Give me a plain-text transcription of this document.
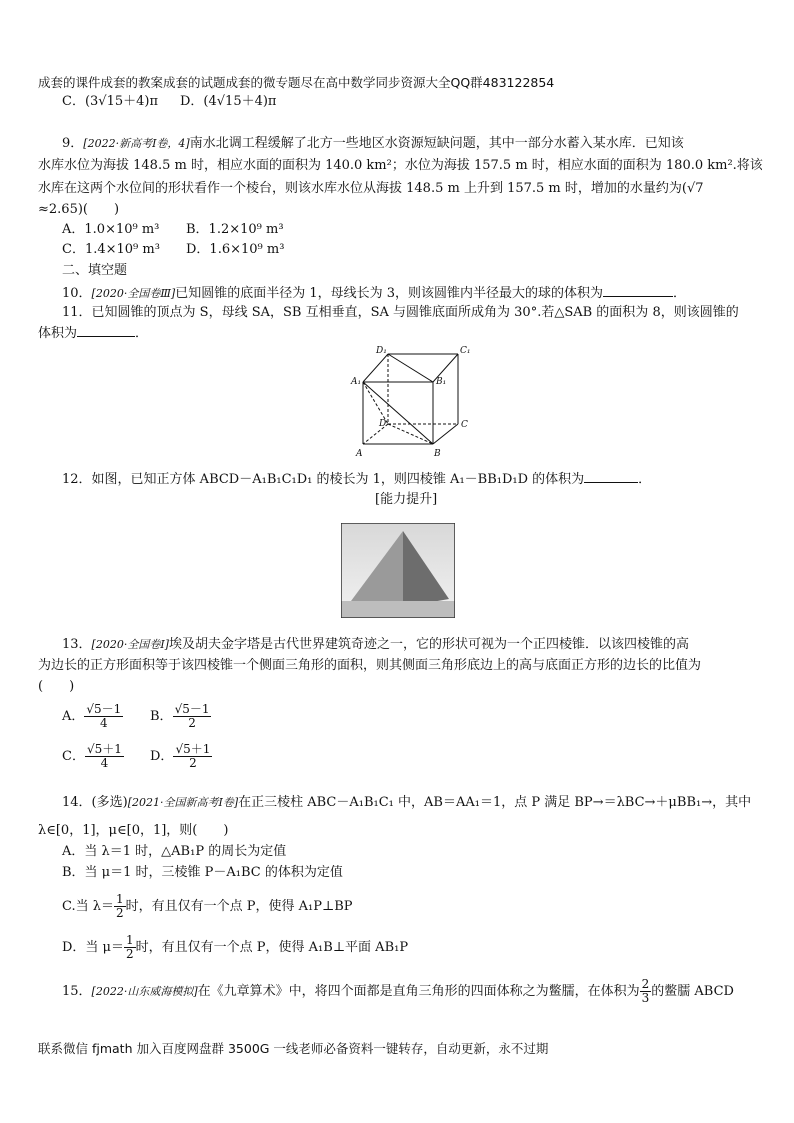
成套的课件成套的教案成套的试题成套的微专题尽在高中数学同步资源大全QQ群483122854
C．(3√15＋4)π D．(4√15＋4)π
9．[2022·新高考Ⅰ卷，4]南水北调工程缓解了北方一些地区水资源短缺问题，其中一部分水蓄入某水库．已知该
水库水位为海拔 148.5 m 时，相应水面的面积为 140.0 km²；水位为海拔 157.5 m 时，相应水面的面积为 180.0 km².将该
水库在这两个水位间的形状看作一个棱台，则该水库水位从海拔 148.5 m 上升到 157.5 m 时，增加的水量约为(√7
≈2.65)(　　)
A．1.0×10⁹ m³ B．1.2×10⁹ m³
C．1.4×10⁹ m³ D．1.6×10⁹ m³
二、填空题
10．[2020·全国卷Ⅲ]已知圆锥的底面半径为 1，母线长为 3，则该圆锥内半径最大的球的体积为	．
11．已知圆锥的顶点为 S，母线 SA，SB 互相垂直，SA 与圆锥底面所成角为 30°.若△SAB 的面积为 8，则该圆锥的
体积为	．
D₁	C₁
A₁	B₁
D	C
A	B
12．如图，已知正方体 ABCD－A₁B₁C₁D₁ 的棱长为 1，则四棱锥 A₁－BB₁D₁D 的体积为	．
[能力提升]
13．[2020·全国卷Ⅰ]埃及胡夫金字塔是古代世界建筑奇迹之一，它的形状可视为一个正四棱锥．以该四棱锥的高
为边长的正方形面积等于该四棱锥一个侧面三角形的面积，则其侧面三角形底边上的高与底面正方形的边长的比值为
(　　)
A． $\frac{√5-1}{4}$ B． $\frac{√5-1}{2}$
C． $\frac{√5+1}{4}$ D． $\frac{√5+1}{2}$
14．(多选)[2021·全国新高考Ⅰ卷]在正三棱柱 ABC－A₁B₁C₁ 中，AB＝AA₁＝1，点 P 满足 BP→＝λBC→＋μBB₁→，其中
λ∈[0，1]，μ∈[0，1]，则(　　)
A．当 λ＝1 时，△AB₁P 的周长为定值
B．当 μ＝1 时，三棱锥 P－A₁BC 的体积为定值
C.当 $\lambda= \frac{1}{2}$ 时，有且仅有一个点 P，使得 A₁P⊥BP
D．当 $\mu= \frac{1}{2}$ 时，有且仅有一个点 P，使得 A₁B⊥平面 AB₁P
15．[2022·山东威海模拟]在《九章算术》中，将四个面都是直角三角形的四面体称之为鳖臑，在体积为 $\frac{2}{3}$ 的鳖臑 ABCD
联系微信 fjmath 加入百度网盘群 3500G 一线老师必备资料一键转存，自动更新，永不过期
